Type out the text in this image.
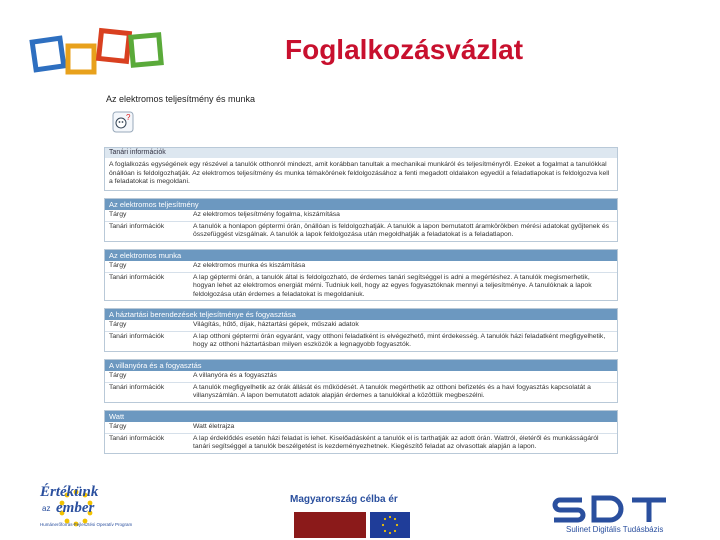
Foglalkozásvázlat
Az elektromos teljesítmény és munka
?
Tanári információk
A foglalkozás egységének egy részével a tanulók otthonról mindezt, amit korábban tanultak a mechanikai munkáról és teljesítményről. Ezeket a fogalmat a tanulókkal önállóan is feldolgozhatják. Az elektromos teljesítmény és munka témakörének feldolgozásához a fenti megadott oldalakon egyedül a feladatlapokat is feldolgozva kell a feladatokat is megoldani.
Az elektromos teljesítmény
Tárgy	Az elektromos teljesítmény fogalma, kiszámítása
Tanári információk	A tanulók a honlapon géptermi órán, önállóan is feldolgozhatják. A tanulók a lapon bemutatott áramkörökben mérési adatokat gyűjtenek és összefüggést vizsgálnak. A tanulók a lapok feldolgozása után megoldhatják a feladatokat is a feladatlapon.
Az elektromos munka
Tárgy	Az elektromos munka és kiszámítása
Tanári információk	A lap géptermi órán, a tanulók által is feldolgozható, de érdemes tanári segítséggel is adni a megértéshez. A tanulók megismerhetik, hogyan lehet az elektromos energiát mérni. Tudniuk kell, hogy az egyes fogyasztóknak mennyi a teljesítménye. A tanulóknak a lapok feldolgozása után érdemes a feladatokat is megoldaniuk.
A háztartási berendezések teljesítménye és fogyasztása
Tárgy	Világítás, hűtő, díjak, háztartási gépek, műszaki adatok
Tanári információk	A lap otthoni géptermi órán egyaránt, vagy otthoni feladatként is elvégezhető, mint érdekesség. A tanulók házi feladatként megfigyelhetik, hogy az otthoni háztartásban milyen eszközök a legnagyobb fogyasztók.
A villanyóra és a fogyasztás
Tárgy	A villanyóra és a fogyasztás
Tanári információk	A tanulók megfigyelhetik az órák állását és működését. A tanulók megérthetik az otthoni befizetés és a havi fogyasztás kapcsolatát a villanyszámlán. A lapon bemutatott adatok alapján érdemes a tanulókkal a közöttük megbeszélni.
Watt
Tárgy	Watt életrajza
Tanári információk	A lap érdeklődés esetén házi feladat is lehet. Kiselőadásként a tanulók el is tarthatják az adott órán. Wattról, életéről és munkásságáról tanári segítséggel a tanulók beszélgetést is kezdeményezhetnek. Kiegészítő feladat az olvasottak alapján a lapon.
Értékünk
az ember
Humánerőforrás-Fejlesztési Operatív Program
Magyarország célba ér
Sulinet Digitális Tudásbázis
